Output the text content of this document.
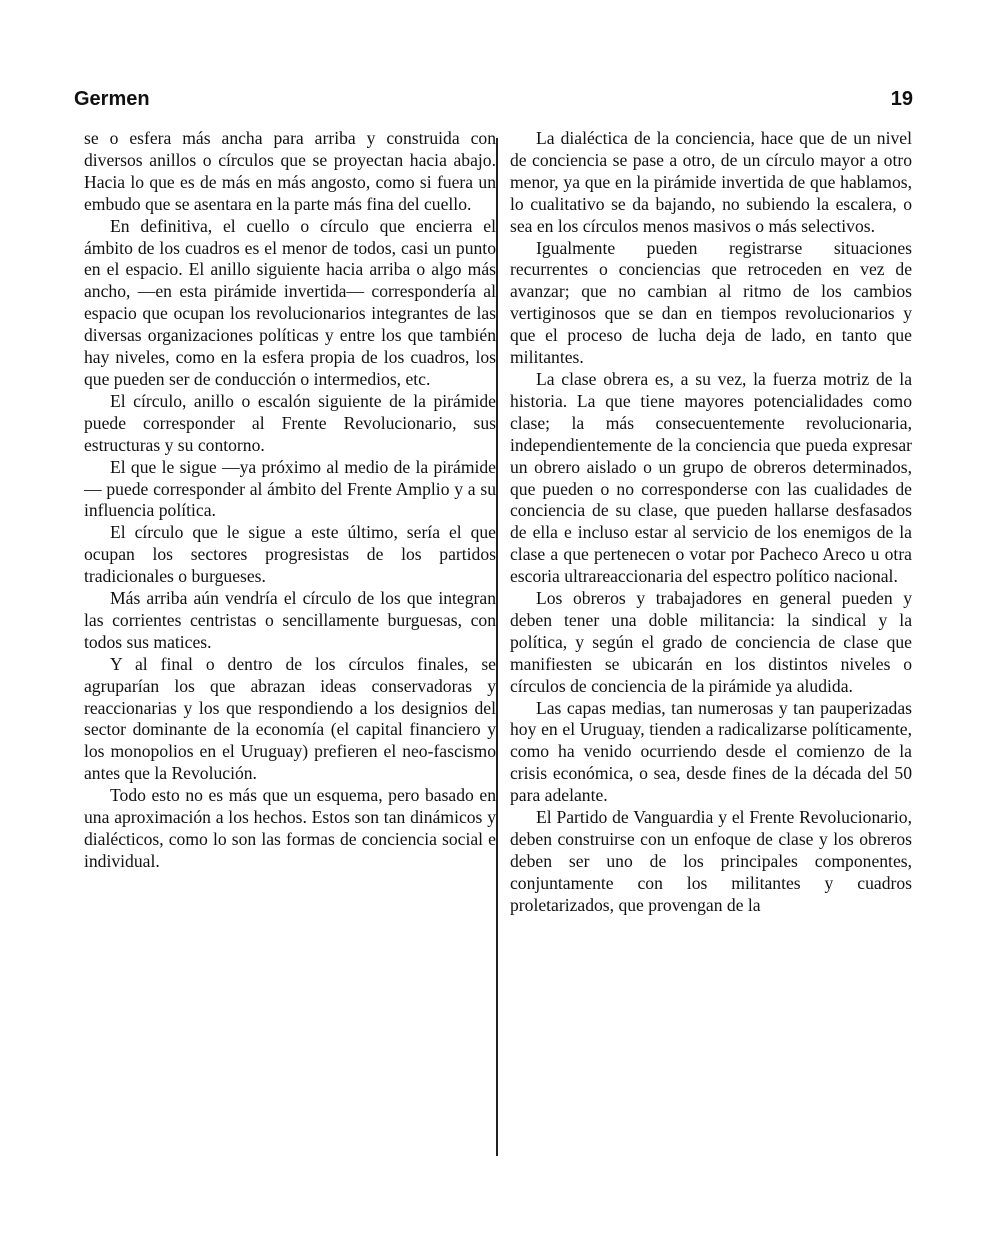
Germen	19

se o esfera más ancha para arriba y construida con diversos anillos o círculos que se proyectan hacia abajo. Hacia lo que es de más en más angosto, como si fuera un embudo que se asentara en la parte más fina del cuello.

En definitiva, el cuello o círculo que encierra el ámbito de los cuadros es el menor de todos, casi un punto en el espacio. El anillo siguiente hacia arriba o algo más ancho, —en esta pirámide invertida— correspondería al espacio que ocupan los revolucionarios integrantes de las diversas organizaciones políticas y entre los que también hay niveles, como en la esfera propia de los cuadros, los que pueden ser de conducción o intermedios, etc.

El círculo, anillo o escalón siguiente de la pirámide puede corresponder al Frente Revolucionario, sus estructuras y su contorno.

El que le sigue —ya próximo al medio de la pirámide— puede corresponder al ámbito del Frente Amplio y a su influencia política.

El círculo que le sigue a este último, sería el que ocupan los sectores progresistas de los partidos tradicionales o burgueses.

Más arriba aún vendría el círculo de los que integran las corrientes centristas o sencillamente burguesas, con todos sus matices.

Y al final o dentro de los círculos finales, se agruparían los que abrazan ideas conservadoras y reaccionarias y los que respondiendo a los designios del sector dominante de la economía (el capital financiero y los monopolios en el Uruguay) prefieren el neo-fascismo antes que la Revolución.

Todo esto no es más que un esquema, pero basado en una aproximación a los hechos. Estos son tan dinámicos y dialécticos, como lo son las formas de conciencia social e individual.

La dialéctica de la conciencia, hace que de un nivel de conciencia se pase a otro, de un círculo mayor a otro menor, ya que en la pirámide invertida de que hablamos, lo cualitativo se da bajando, no subiendo la escalera, o sea en los círculos menos masivos o más selectivos.

Igualmente pueden registrarse situaciones recurrentes o conciencias que retroceden en vez de avanzar; que no cambian al ritmo de los cambios vertiginosos que se dan en tiempos revolucionarios y que el proceso de lucha deja de lado, en tanto que militantes.

La clase obrera es, a su vez, la fuerza motriz de la historia. La que tiene mayores potencialidades como clase; la más consecuentemente revolucionaria, independientemente de la conciencia que pueda expresar un obrero aislado o un grupo de obreros determinados, que pueden o no corresponderse con las cualidades de conciencia de su clase, que pueden hallarse desfasados de ella e incluso estar al servicio de los enemigos de la clase a que pertenecen o votar por Pacheco Areco u otra escoria ultrareaccionaria del espectro político nacional.

Los obreros y trabajadores en general pueden y deben tener una doble militancia: la sindical y la política, y según el grado de conciencia de clase que manifiesten se ubicarán en los distintos niveles o círculos de conciencia de la pirámide ya aludida.

Las capas medias, tan numerosas y tan pauperizadas hoy en el Uruguay, tienden a radicalizarse políticamente, como ha venido ocurriendo desde el comienzo de la crisis económica, o sea, desde fines de la década del 50 para adelante.

El Partido de Vanguardia y el Frente Revolucionario, deben construirse con un enfoque de clase y los obreros deben ser uno de los principales componentes, conjuntamente con los militantes y cuadros proletarizados, que provengan de la
